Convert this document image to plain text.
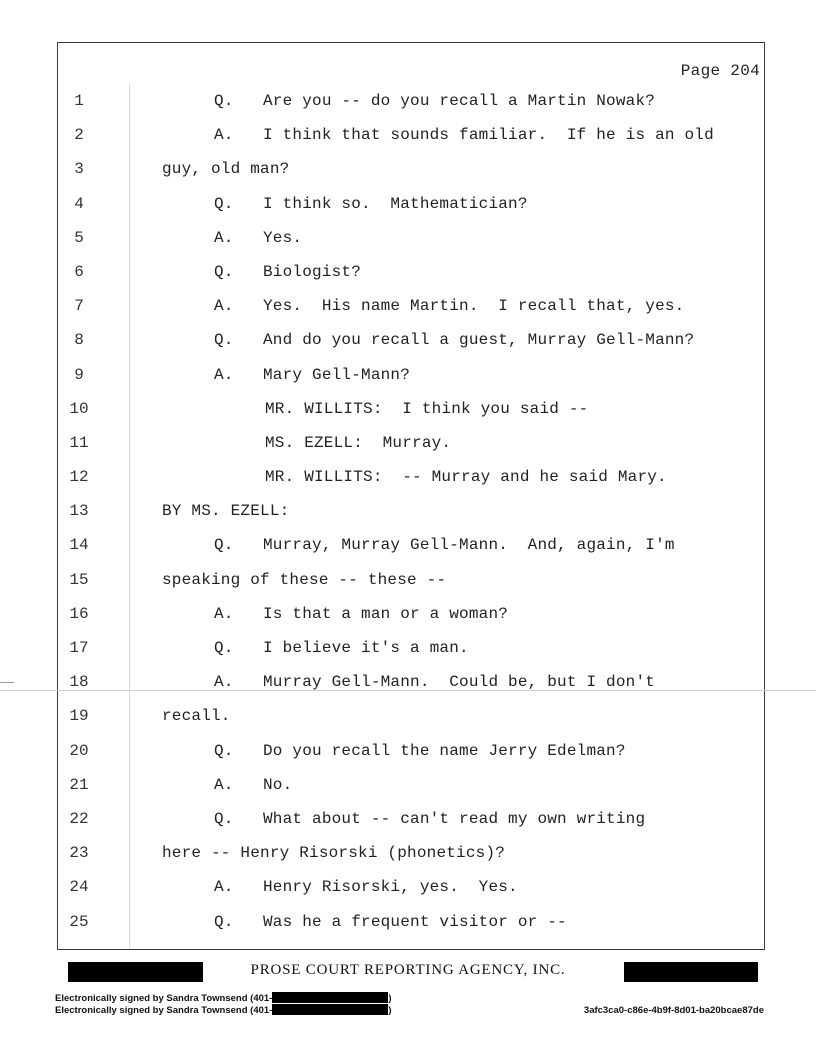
Page 204
1	Q.   Are you -- do you recall a Martin Nowak?
2	A.   I think that sounds familiar.  If he is an old
3	guy, old man?
4	Q.   I think so.  Mathematician?
5	A.   Yes.
6	Q.   Biologist?
7	A.   Yes.  His name Martin.  I recall that, yes.
8	Q.   And do you recall a guest, Murray Gell-Mann?
9	A.   Mary Gell-Mann?
10	MR. WILLITS:  I think you said --
11	MS. EZELL:  Murray.
12	MR. WILLITS:  -- Murray and he said Mary.
13	BY MS. EZELL:
14	Q.   Murray, Murray Gell-Mann.  And, again, I'm
15	speaking of these -- these --
16	A.   Is that a man or a woman?
17	Q.   I believe it's a man.
18	A.   Murray Gell-Mann.  Could be, but I don't
19	recall.
20	Q.   Do you recall the name Jerry Edelman?
21	A.   No.
22	Q.   What about -- can't read my own writing
23	here -- Henry Risorski (phonetics)?
24	A.   Henry Risorski, yes.  Yes.
25	Q.   Was he a frequent visitor or --
PROSE COURT REPORTING AGENCY, INC.
Electronically signed by Sandra Townsend (401-	)
Electronically signed by Sandra Townsend (401-	)	3afc3ca0-c86e-4b9f-8d01-ba20bcae87de
